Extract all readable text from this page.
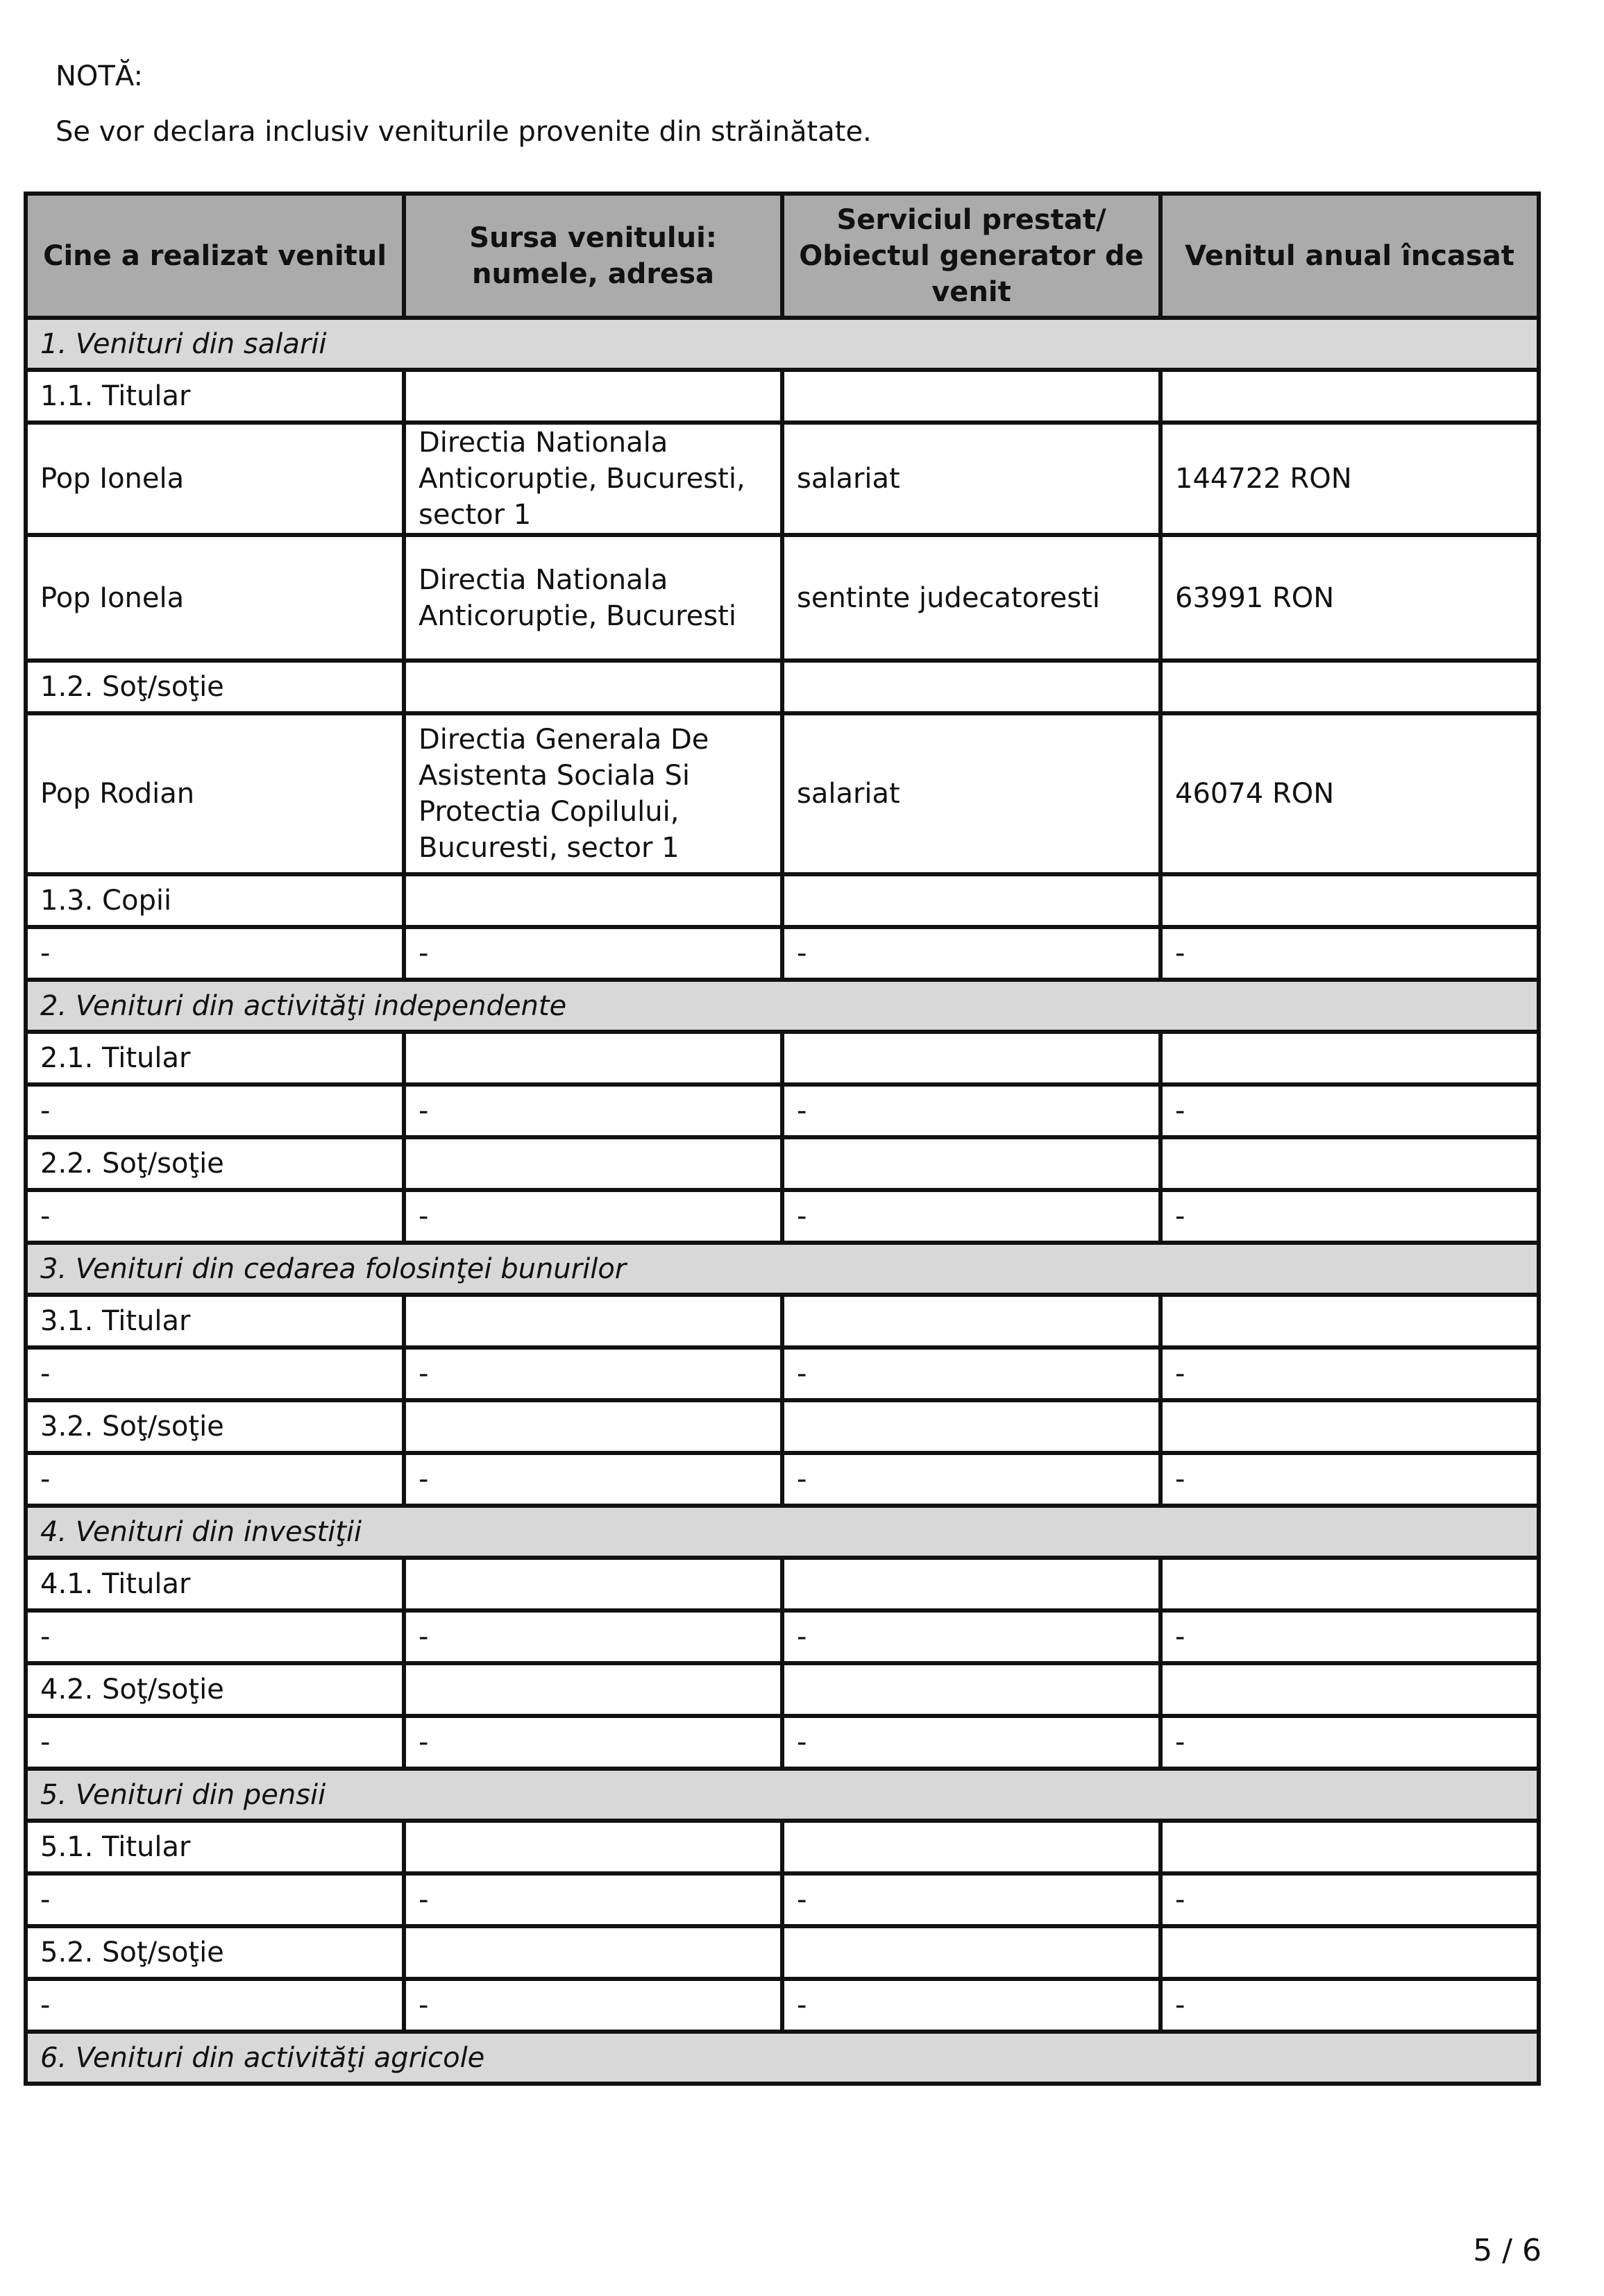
NOTĂ:
Se vor declara inclusiv veniturile provenite din străinătate.
Cine a realizat venitul	Sursa venitului: numele, adresa	Serviciul prestat/ Obiectul generator de venit	Venitul anual încasat
1. Venituri din salarii			
1.1. Titular			
Pop Ionela	Directia Nationala Anticoruptie, Bucuresti, sector 1	salariat	144722 RON
Pop Ionela	Directia Nationala Anticoruptie, Bucuresti	sentinte judecatoresti	63991 RON
1.2. Soţ/soţie			
Pop Rodian	Directia Generala De Asistenta Sociala Si Protectia Copilului, Bucuresti, sector 1	salariat	46074 RON
1.3. Copii			
-	-	-	-
2. Venituri din activităţi independente			
2.1. Titular			
-	-	-	-
2.2. Soţ/soţie			
-	-	-	-
3. Venituri din cedarea folosinţei bunurilor			
3.1. Titular			
-	-	-	-
3.2. Soţ/soţie			
-	-	-	-
4. Venituri din investiţii			
4.1. Titular			
-	-	-	-
4.2. Soţ/soţie			
-	-	-	-
5. Venituri din pensii			
5.1. Titular			
-	-	-	-
5.2. Soţ/soţie			
-	-	-	-
6. Venituri din activităţi agricole			
5 / 6
